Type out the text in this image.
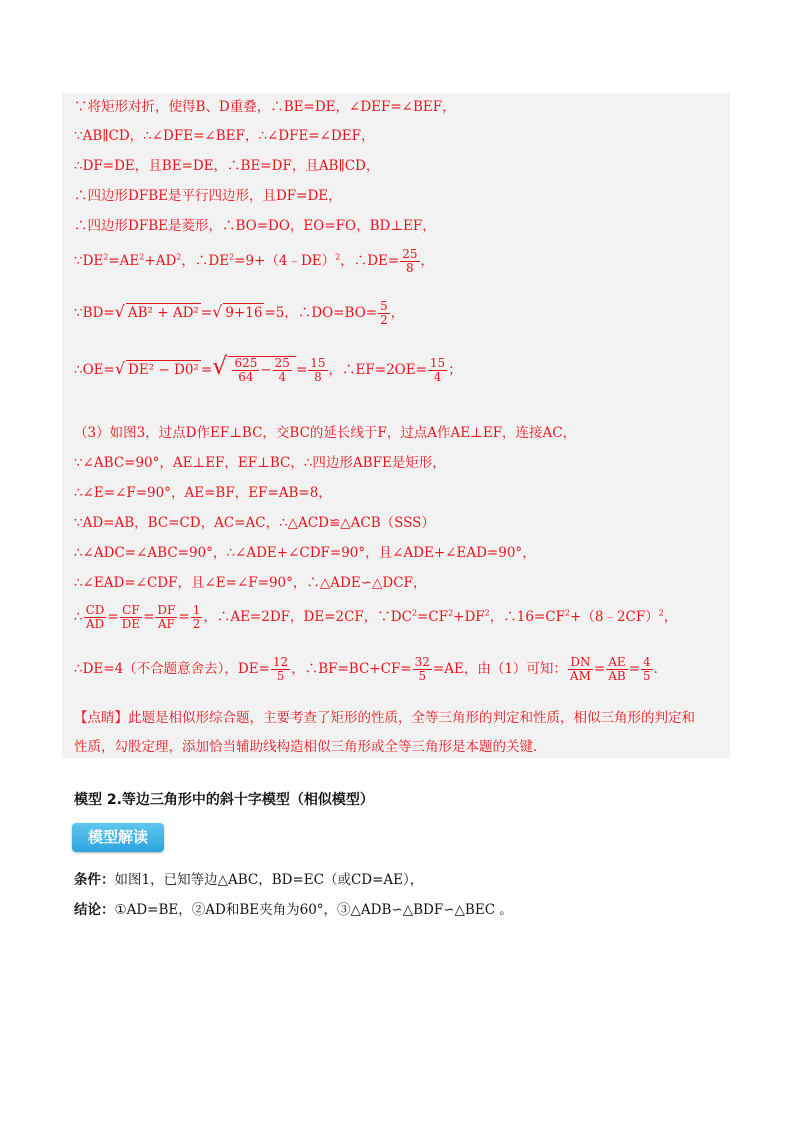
∵将矩形对折，使得B、D重叠，∴BE=DE，∠DEF=∠BEF，
∵AB∥CD，∴∠DFE=∠BEF，∴∠DFE=∠DEF，
∴DF=DE，且BE=DE，∴BE=DF，且AB∥CD，
∴四边形DFBE是平行四边形，且DF=DE，
∴四边形DFBE是菱形，∴BO=DO，EO=FO，BD⊥EF，
$\because DE^2=AE^2+AD^2$，$\therefore DE^2=9+(4﹣DE)^2$，∴DE= $\frac{25}{8}$ ，
∵BD=√ AB² + AD² =√ 9+16 =5，∴DO=BO= $\frac{5}{2}$ ，
∴OE=√ DE² − D0² =√ $\frac{625}{64} - \frac{25}{4} = \frac{15}{8}$ ，∴EF=2OE= $\frac{15}{4}$ ；
（3）如图3，过点D作EF⊥BC，交BC的延长线于F，过点A作AE⊥EF，连接AC，
∵∠ABC=90°，AE⊥EF，EF⊥BC，∴四边形ABFE是矩形，
∴∠E=∠F=90°，AE=BF，EF=AB=8，
∵AD=AB，BC=CD，AC=AC，∴△ACD≌△ACB（SSS）
∴∠ADC=∠ABC=90°，∴∠ADE+∠CDF=90°，且∠ADE+∠EAD=90°，
∴∠EAD=∠CDF，且∠E=∠F=90°，∴△ADE∽△DCF，
∴ $\frac{CD}{AD} = \frac{CF}{DE} = \frac{DF}{AF} = \frac{1}{2}$ ，∴AE=2DF，DE=2CF，$\because DC^2=CF^2+DF^2$，$\therefore 16=CF^2+(8﹣2CF)^2$，
∴DE=4（不合题意舍去），$DE= \frac{12}{5}$ ，∴BF=BC+CF= $\frac{32}{5} =AE$，由（1）可知： $\frac{DN}{AM} = \frac{AE}{AB} = \frac{4}{5}$ ．
【点睛】此题是相似形综合题，主要考查了矩形的性质，全等三角形的判定和性质，相似三角形的判定和
性质，勾股定理，添加恰当辅助线构造相似三角形或全等三角形是本题的关键．
模型 2.等边三角形中的斜十字模型（相似模型）
模型解读
条件：如图1，已知等边△ABC，BD=EC（或CD=AE），
结论：①AD=BE，②AD和BE夹角为60°，③△ADB∽△BDF∽△BEC 。
